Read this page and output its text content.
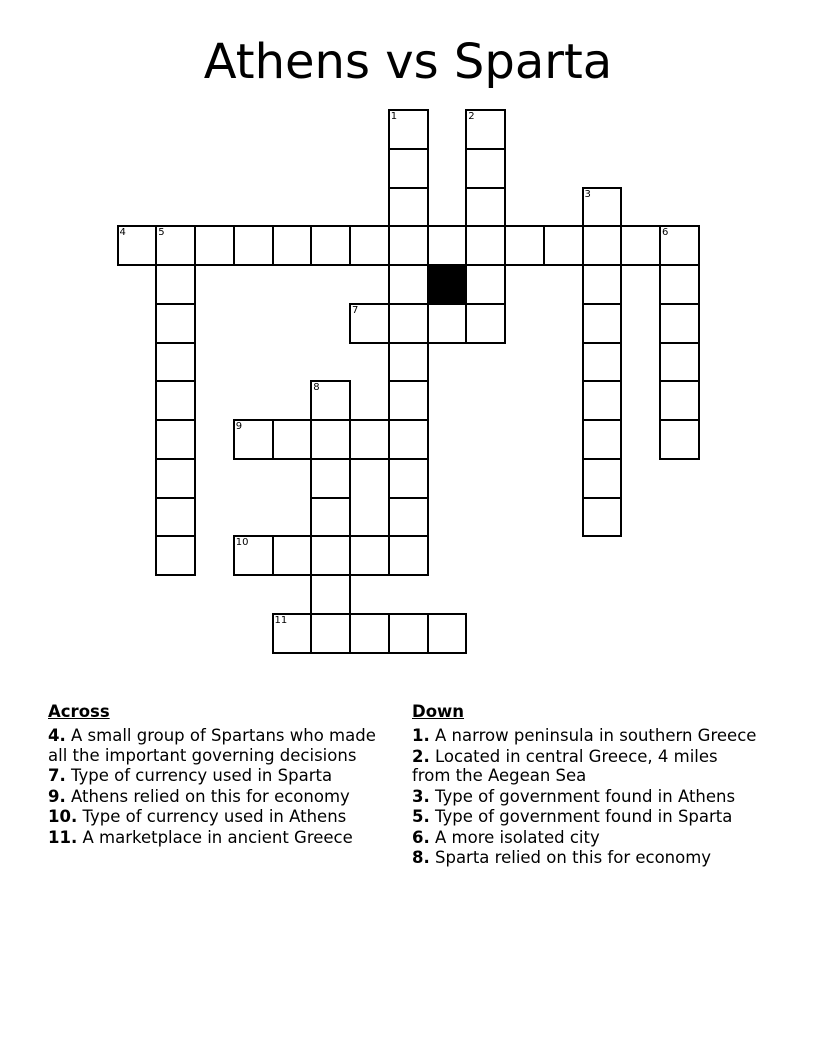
Athens vs Sparta
1	2
3
4	5	6
7
8
9
10
11
Across
4. A small group of Spartans who made all the important governing decisions
7. Type of currency used in Sparta
9. Athens relied on this for economy
10. Type of currency used in Athens
11. A marketplace in ancient Greece
Down
1. A narrow peninsula in southern Greece
2. Located in central Greece, 4 miles from the Aegean Sea
3. Type of government found in Athens
5. Type of government found in Sparta
6. A more isolated city
8. Sparta relied on this for economy
